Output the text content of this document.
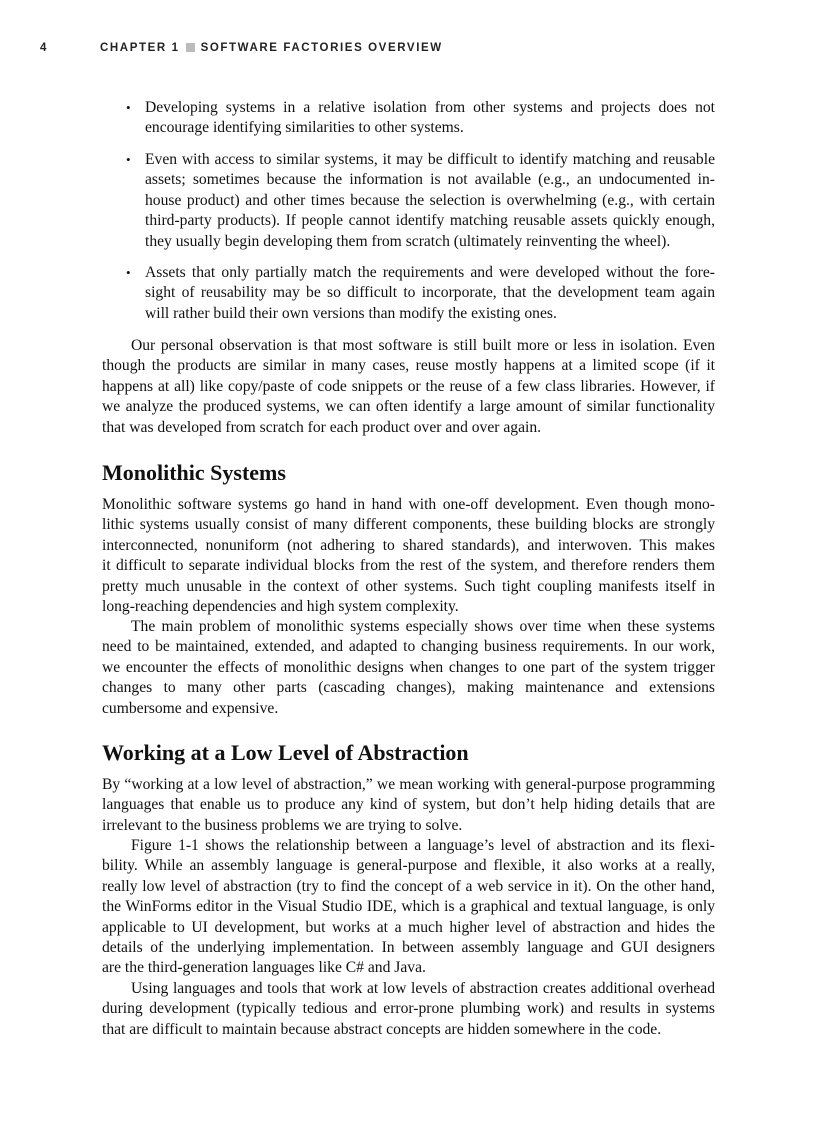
4	CHAPTER 1 SOFTWARE FACTORIES OVERVIEW
• Developing systems in a relative isolation from other systems and projects does not
encourage identifying similarities to other systems.
• Even with access to similar systems, it may be difficult to identify matching and reusable
assets; sometimes because the information is not available (e.g., an undocumented in-
house product) and other times because the selection is overwhelming (e.g., with certain
third-party products). If people cannot identify matching reusable assets quickly enough,
they usually begin developing them from scratch (ultimately reinventing the wheel).
• Assets that only partially match the requirements and were developed without the fore-
sight of reusability may be so difficult to incorporate, that the development team again
will rather build their own versions than modify the existing ones.
Our personal observation is that most software is still built more or less in isolation. Even
though the products are similar in many cases, reuse mostly happens at a limited scope (if it
happens at all) like copy/paste of code snippets or the reuse of a few class libraries. However, if
we analyze the produced systems, we can often identify a large amount of similar functionality
that was developed from scratch for each product over and over again.
Monolithic Systems
Monolithic software systems go hand in hand with one-off development. Even though mono-
lithic systems usually consist of many different components, these building blocks are strongly
interconnected, nonuniform (not adhering to shared standards), and interwoven. This makes
it difficult to separate individual blocks from the rest of the system, and therefore renders them
pretty much unusable in the context of other systems. Such tight coupling manifests itself in
long-reaching dependencies and high system complexity.
The main problem of monolithic systems especially shows over time when these systems
need to be maintained, extended, and adapted to changing business requirements. In our work,
we encounter the effects of monolithic designs when changes to one part of the system trigger
changes to many other parts (cascading changes), making maintenance and extensions
cumbersome and expensive.
Working at a Low Level of Abstraction
By “working at a low level of abstraction,” we mean working with general-purpose programming
languages that enable us to produce any kind of system, but don’t help hiding details that are
irrelevant to the business problems we are trying to solve.
Figure 1-1 shows the relationship between a language’s level of abstraction and its flexi-
bility. While an assembly language is general-purpose and flexible, it also works at a really,
really low level of abstraction (try to find the concept of a web service in it). On the other hand,
the WinForms editor in the Visual Studio IDE, which is a graphical and textual language, is only
applicable to UI development, but works at a much higher level of abstraction and hides the
details of the underlying implementation. In between assembly language and GUI designers
are the third-generation languages like C# and Java.
Using languages and tools that work at low levels of abstraction creates additional overhead
during development (typically tedious and error-prone plumbing work) and results in systems
that are difficult to maintain because abstract concepts are hidden somewhere in the code.
